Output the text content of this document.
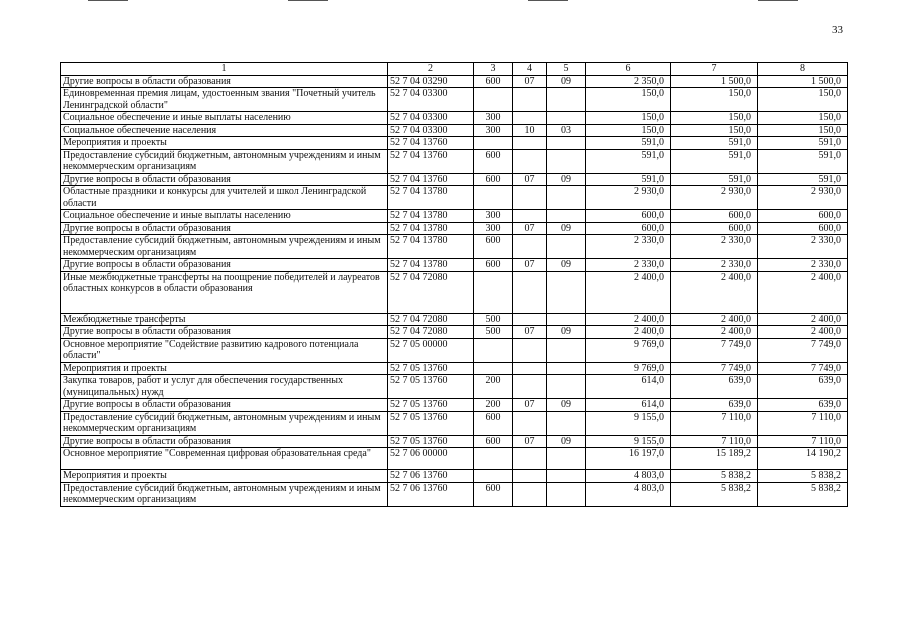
33
1	2	3	4	5	6	7	8
Другие вопросы в области образования	52 7 04 03290	600	07	09	2 350,0	1 500,0	1 500,0
Единовременная премия лицам, удостоенным звания "Почетный учитель Ленинградской области"	52 7 04 03300				150,0	150,0	150,0
Социальное обеспечение и иные выплаты населению	52 7 04 03300	300			150,0	150,0	150,0
Социальное обеспечение населения	52 7 04 03300	300	10	03	150,0	150,0	150,0
Мероприятия и проекты	52 7 04 13760				591,0	591,0	591,0
Предоставление субсидий бюджетным, автономным учреждениям и иным некоммерческим организациям	52 7 04 13760	600			591,0	591,0	591,0
Другие вопросы в области образования	52 7 04 13760	600	07	09	591,0	591,0	591,0
Областные праздники и конкурсы для учителей и школ Ленинградской области	52 7 04 13780				2 930,0	2 930,0	2 930,0
Социальное обеспечение и иные выплаты населению	52 7 04 13780	300			600,0	600,0	600,0
Другие вопросы в области образования	52 7 04 13780	300	07	09	600,0	600,0	600,0
Предоставление субсидий бюджетным, автономным учреждениям и иным некоммерческим организациям	52 7 04 13780	600			2 330,0	2 330,0	2 330,0
Другие вопросы в области образования	52 7 04 13780	600	07	09	2 330,0	2 330,0	2 330,0
Иные межбюджетные трансферты на поощрение победителей и лауреатов областных конкурсов в области образования	52 7 04 72080				2 400,0	2 400,0	2 400,0
Межбюджетные трансферты	52 7 04 72080	500			2 400,0	2 400,0	2 400,0
Другие вопросы в области образования	52 7 04 72080	500	07	09	2 400,0	2 400,0	2 400,0
Основное мероприятие "Содействие развитию кадрового потенциала области"	52 7 05 00000				9 769,0	7 749,0	7 749,0
Мероприятия и проекты	52 7 05 13760				9 769,0	7 749,0	7 749,0
Закупка товаров, работ и услуг для обеспечения государственных (муниципальных) нужд	52 7 05 13760	200			614,0	639,0	639,0
Другие вопросы в области образования	52 7 05 13760	200	07	09	614,0	639,0	639,0
Предоставление субсидий бюджетным, автономным учреждениям и иным некоммерческим организациям	52 7 05 13760	600			9 155,0	7 110,0	7 110,0
Другие вопросы в области образования	52 7 05 13760	600	07	09	9 155,0	7 110,0	7 110,0
Основное мероприятие "Современная цифровая образовательная среда"	52 7 06 00000				16 197,0	15 189,2	14 190,2
Мероприятия и проекты	52 7 06 13760				4 803,0	5 838,2	5 838,2
Предоставление субсидий бюджетным, автономным учреждениям и иным некоммерческим организациям	52 7 06 13760	600			4 803,0	5 838,2	5 838,2
